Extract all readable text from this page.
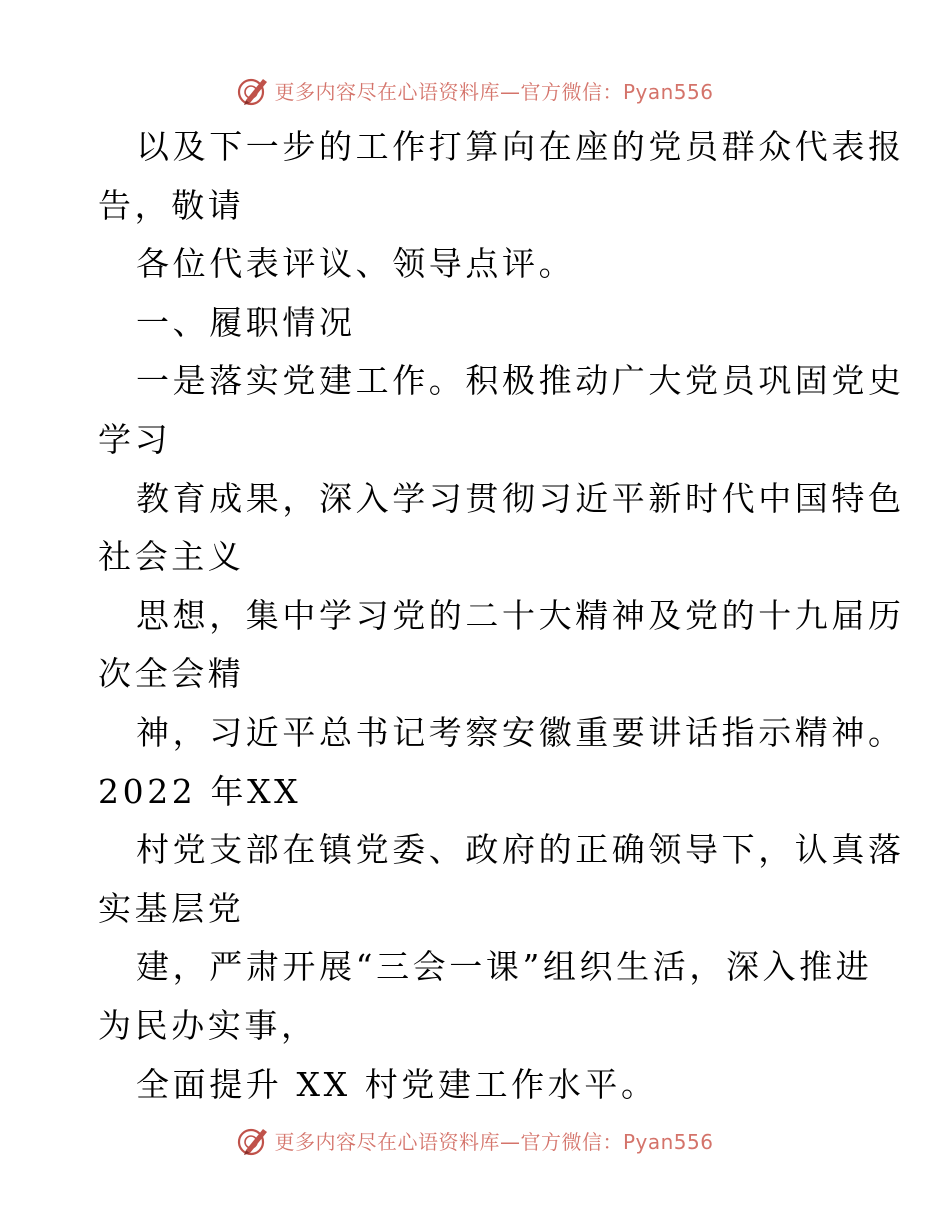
更多内容尽在心语资料库—官方微信：Pyan556
以及下一步的工作打算向在座的党员群众代表报
告，敬请
各位代表评议、领导点评。
一、履职情况
一是落实党建工作。积极推动广大党员巩固党史
学习
教育成果，深入学习贯彻习近平新时代中国特色
社会主义
思想，集中学习党的二十大精神及党的十九届历
次全会精
神，习近平总书记考察安徽重要讲话指示精神。
2022 年XX
村党支部在镇党委、政府的正确领导下，认真落
实基层党
建，严肃开展“三会一课”组织生活，深入推进
为民办实事，
全面提升 XX 村党建工作水平。
更多内容尽在心语资料库—官方微信：Pyan556
